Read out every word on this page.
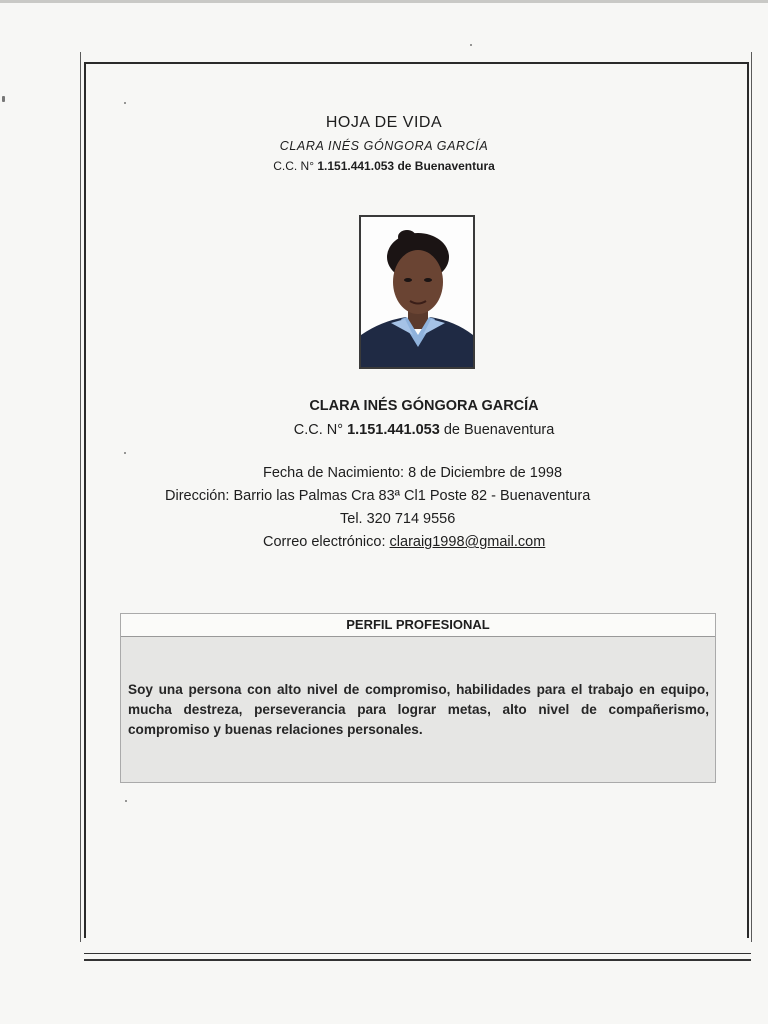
HOJA DE VIDA
CLARA INÉS GÓNGORA GARCÍA
C.C. N° 1.151.441.053 de Buenaventura
CLARA INÉS GÓNGORA GARCÍA
C.C. N° 1.151.441.053 de Buenaventura
Fecha de Nacimiento: 8 de Diciembre de 1998
Dirección: Barrio las Palmas Cra 83ª Cl1 Poste 82 - Buenaventura
Tel. 320 714 9556
Correo electrónico: claraig1998@gmail.com
PERFIL PROFESIONAL
Soy una persona con alto nivel de compromiso, habilidades para el trabajo en equipo, mucha destreza, perseverancia para lograr metas, alto nivel de compañerismo, compromiso y buenas relaciones personales.
